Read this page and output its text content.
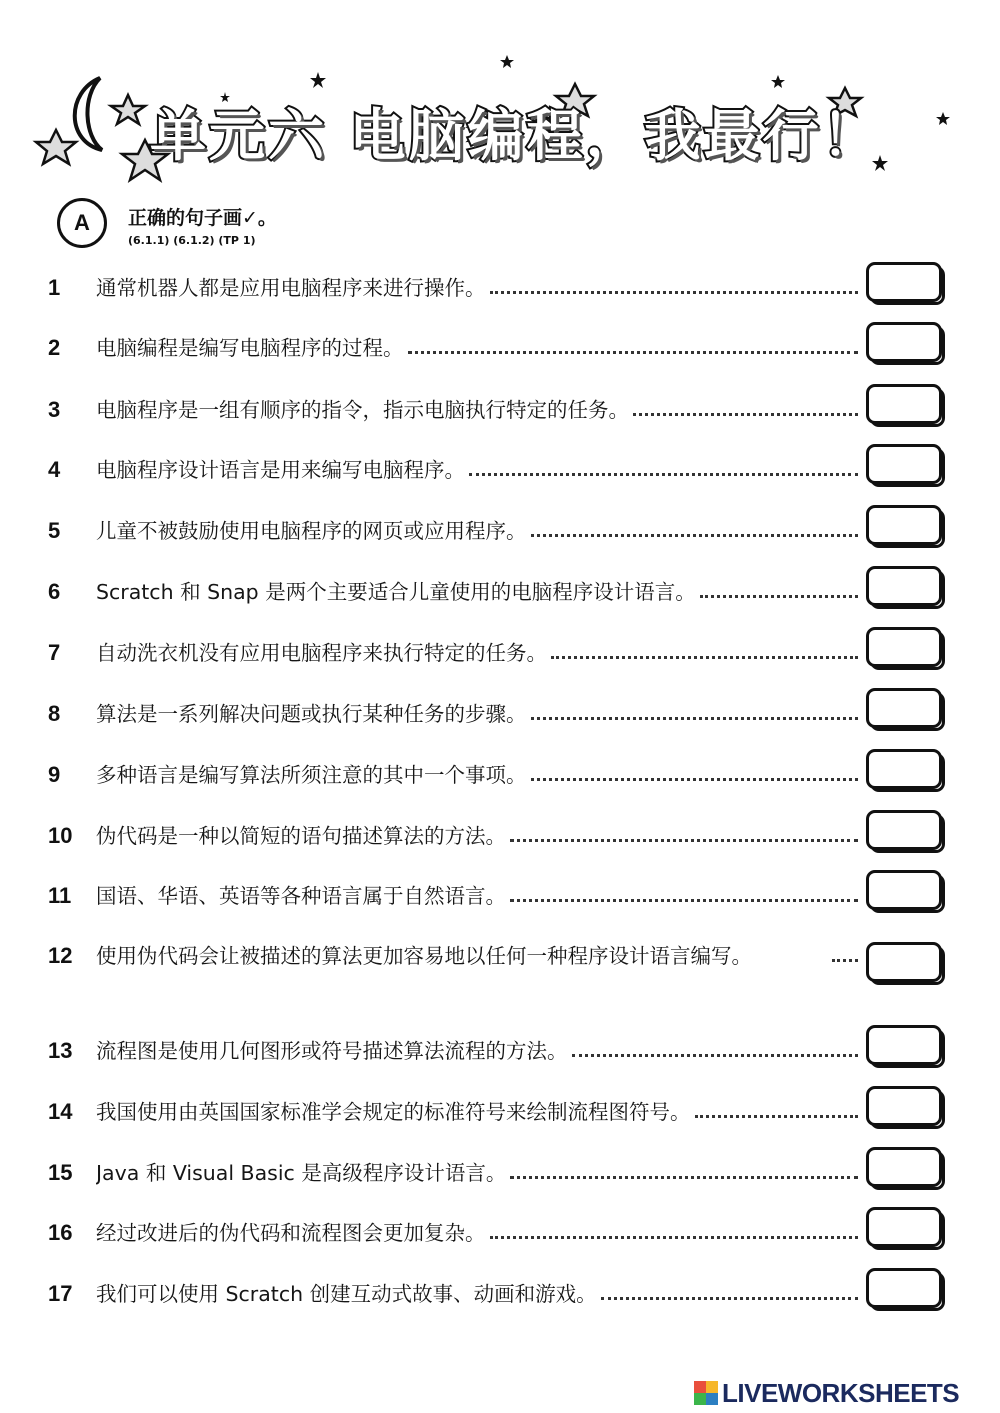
单元六 电脑编程，我最行！
A	正确的句子画✓。
(6.1.1) (6.1.2) (TP 1)
1	通常机器人都是应用电脑程序来进行操作。
2	电脑编程是编写电脑程序的过程。
3	电脑程序是一组有顺序的指令，指示电脑执行特定的任务。
4	电脑程序设计语言是用来编写电脑程序。
5	儿童不被鼓励使用电脑程序的网页或应用程序。
6	Scratch 和 Snap 是两个主要适合儿童使用的电脑程序设计语言。
7	自动洗衣机没有应用电脑程序来执行特定的任务。
8	算法是一系列解决问题或执行某种任务的步骤。
9	多种语言是编写算法所须注意的其中一个事项。
10	伪代码是一种以简短的语句描述算法的方法。
11	国语、华语、英语等各种语言属于自然语言。
12	使用伪代码会让被描述的算法更加容易地以任何一种程序设计语言编写。
13	流程图是使用几何图形或符号描述算法流程的方法。
14	我国使用由英国国家标准学会规定的标准符号来绘制流程图符号。
15	Java 和 Visual Basic 是高级程序设计语言。
16	经过改进后的伪代码和流程图会更加复杂。
17	我们可以使用 Scratch 创建互动式故事、动画和游戏。
LIVEWORKSHEETS
